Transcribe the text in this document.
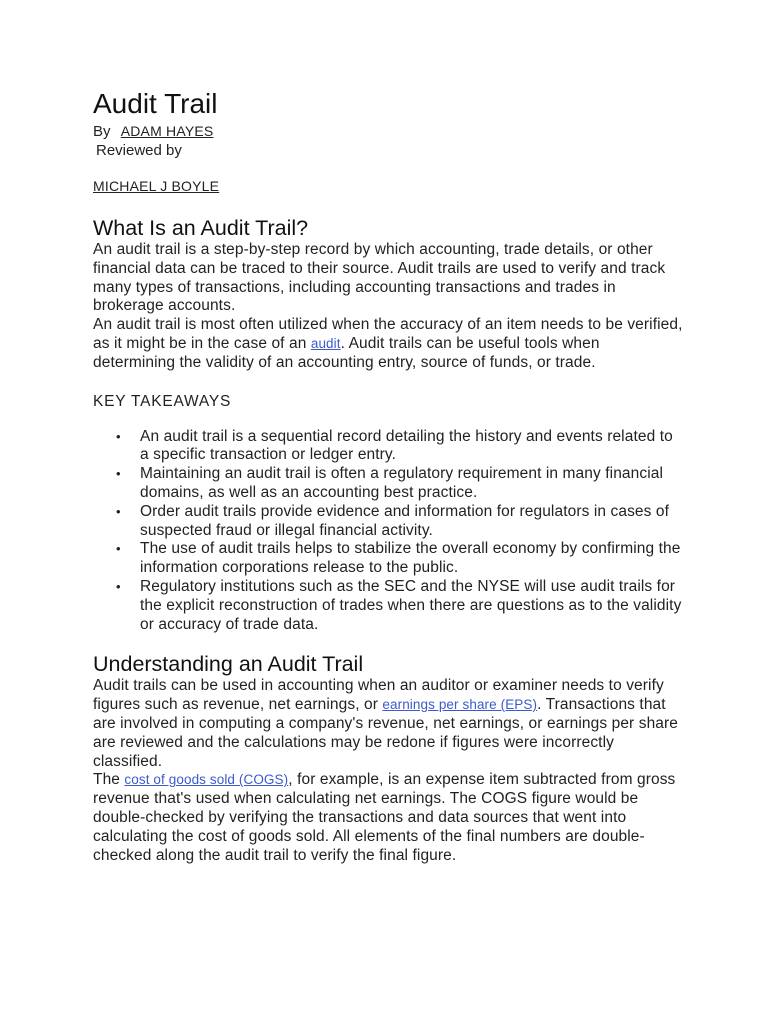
Audit Trail
By ADAM HAYES
Reviewed by
MICHAEL J BOYLE
What Is an Audit Trail?

An audit trail is a step-by-step record by which accounting, trade details, or other financial data can be traced to their source. Audit trails are used to verify and track many types of transactions, including accounting transactions and trades in brokerage accounts.

An audit trail is most often utilized when the accuracy of an item needs to be verified, as it might be in the case of an audit. Audit trails can be useful tools when determining the validity of an accounting entry, source of funds, or trade.

KEY TAKEAWAYS
• An audit trail is a sequential record detailing the history and events related to a specific transaction or ledger entry.
• Maintaining an audit trail is often a regulatory requirement in many financial domains, as well as an accounting best practice.
• Order audit trails provide evidence and information for regulators in cases of suspected fraud or illegal financial activity.
• The use of audit trails helps to stabilize the overall economy by confirming the information corporations release to the public.
• Regulatory institutions such as the SEC and the NYSE will use audit trails for the explicit reconstruction of trades when there are questions as to the validity or accuracy of trade data.
Understanding an Audit Trail

Audit trails can be used in accounting when an auditor or examiner needs to verify figures such as revenue, net earnings, or earnings per share (EPS). Transactions that are involved in computing a company's revenue, net earnings, or earnings per share are reviewed and the calculations may be redone if figures were incorrectly classified.

The cost of goods sold (COGS), for example, is an expense item subtracted from gross revenue that's used when calculating net earnings. The COGS figure would be double-checked by verifying the transactions and data sources that went into calculating the cost of goods sold. All elements of the final numbers are double-checked along the audit trail to verify the final figure.
